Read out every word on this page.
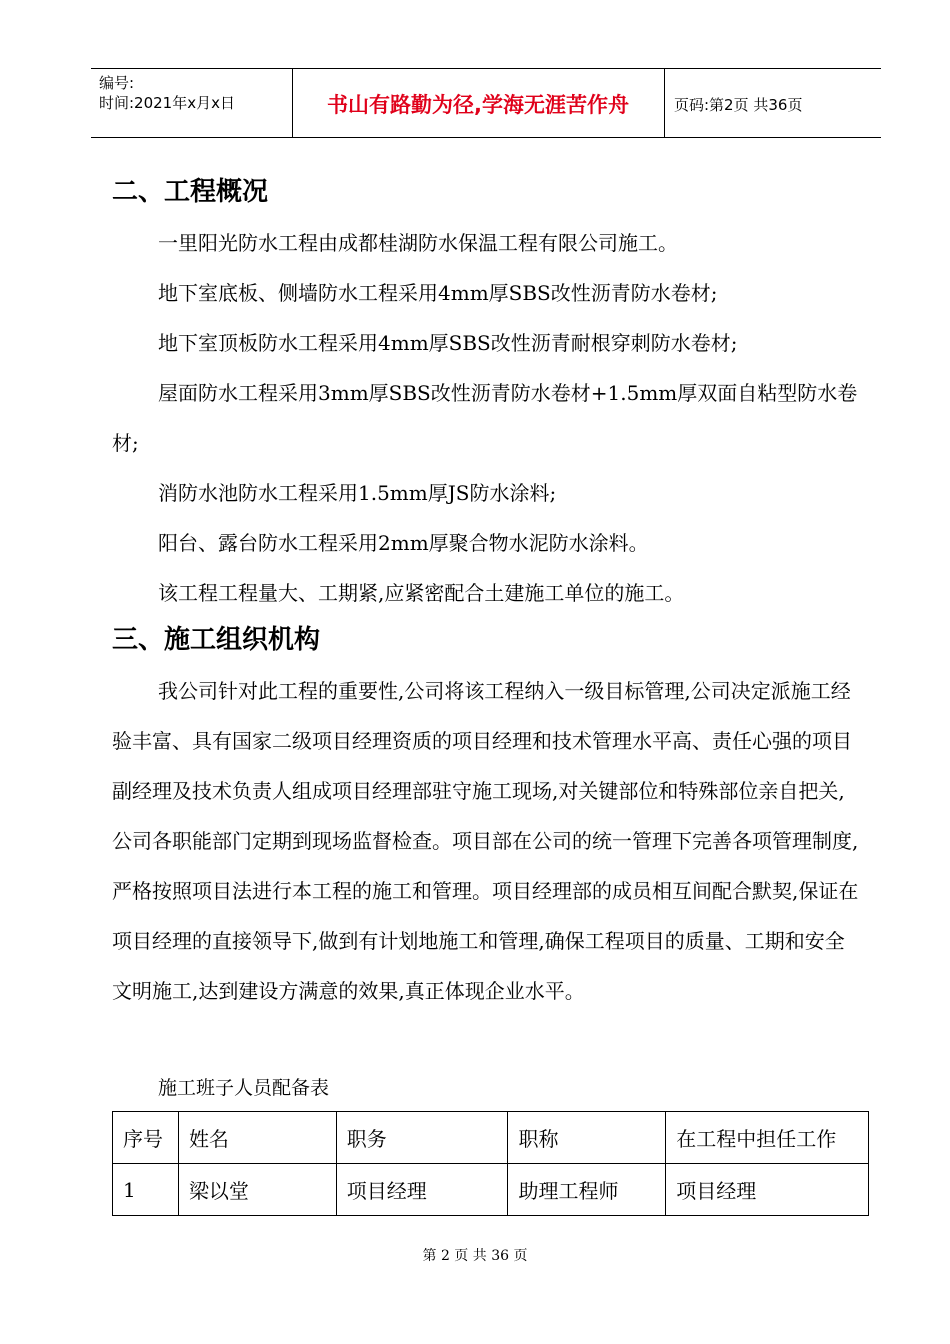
编号:
时间:2021年x月x日	书山有路勤为径,学海无涯苦作舟	页码:第2页 共36页
二、工程概况

一里阳光防水工程由成都桂湖防水保温工程有限公司施工。

地下室底板、侧墙防水工程采用4mm厚SBS改性沥青防水卷材;

地下室顶板防水工程采用4mm厚SBS改性沥青耐根穿刺防水卷材;

屋面防水工程采用3mm厚SBS改性沥青防水卷材+1.5mm厚双面自粘型防水卷材;

消防水池防水工程采用1.5mm厚JS防水涂料;

阳台、露台防水工程采用2mm厚聚合物水泥防水涂料。

该工程工程量大、工期紧,应紧密配合土建施工单位的施工。

三、施工组织机构

我公司针对此工程的重要性,公司将该工程纳入一级目标管理,公司决定派施工经验丰富、具有国家二级项目经理资质的项目经理和技术管理水平高、责任心强的项目副经理及技术负责人组成项目经理部驻守施工现场,对关键部位和特殊部位亲自把关,公司各职能部门定期到现场监督检查。项目部在公司的统一管理下完善各项管理制度,严格按照项目法进行本工程的施工和管理。项目经理部的成员相互间配合默契,保证在项目经理的直接领导下,做到有计划地施工和管理,确保工程项目的质量、工期和安全文明施工,达到建设方满意的效果,真正体现企业水平。

施工班子人员配备表

序号	姓名	职务	职称	在工程中担任工作
1	梁以堂	项目经理	助理工程师	项目经理
第 2 页 共 36 页
